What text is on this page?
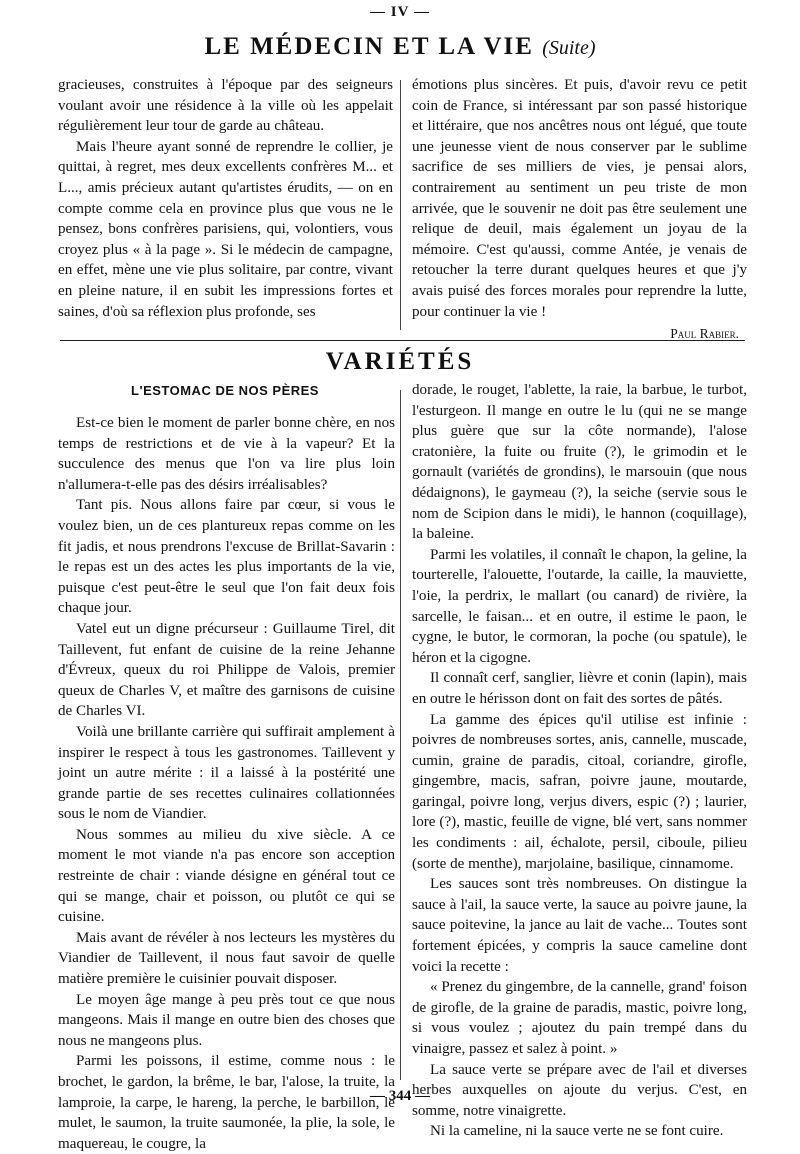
— IV —
LE MÉDECIN ET LA VIE (Suite)

gracieuses, construites à l'époque par des seigneurs voulant avoir une résidence à la ville où les appelait régulièrement leur tour de garde au château.

Mais l'heure ayant sonné de reprendre le collier, je quittai, à regret, mes deux excellents confrères M... et L..., amis précieux autant qu'artistes érudits, — on en compte comme cela en province plus que vous ne le pensez, bons confrères parisiens, qui, volontiers, vous croyez plus « à la page ». Si le médecin de campagne, en effet, mène une vie plus solitaire, par contre, vivant en pleine nature, il en subit les impressions fortes et saines, d'où sa réflexion plus profonde, ses

émotions plus sincères. Et puis, d'avoir revu ce petit coin de France, si intéressant par son passé historique et littéraire, que nos ancêtres nous ont légué, que toute une jeunesse vient de nous conserver par le sublime sacrifice de ses milliers de vies, je pensai alors, contrairement au sentiment un peu triste de mon arrivée, que le souvenir ne doit pas être seulement une relique de deuil, mais également un joyau de la mémoire. C'est qu'aussi, comme Antée, je venais de retoucher la terre durant quelques heures et que j'y avais puisé des forces morales pour reprendre la lutte, pour continuer la vie !

Paul Rabier.
VARIÉTÉS
L'ESTOMAC DE NOS PÈRES

Est-ce bien le moment de parler bonne chère, en nos temps de restrictions et de vie à la vapeur? Et la succulence des menus que l'on va lire plus loin n'allumera-t-elle pas des désirs irréalisables?

Tant pis. Nous allons faire par cœur, si vous le voulez bien, un de ces plantureux repas comme on les fit jadis, et nous prendrons l'excuse de Brillat-Savarin : le repas est un des actes les plus importants de la vie, puisque c'est peut-être le seul que l'on fait deux fois chaque jour.

Vatel eut un digne précurseur : Guillaume Tirel, dit Taillevent, fut enfant de cuisine de la reine Jehanne d'Évreux, queux du roi Philippe de Valois, premier queux de Charles V, et maître des garnisons de cuisine de Charles VI.

Voilà une brillante carrière qui suffirait amplement à inspirer le respect à tous les gastronomes. Taillevent y joint un autre mérite : il a laissé à la postérité une grande partie de ses recettes culinaires collationnées sous le nom de Viandier.

Nous sommes au milieu du xive siècle. A ce moment le mot viande n'a pas encore son acception restreinte de chair : viande désigne en général tout ce qui se mange, chair et poisson, ou plutôt ce qui se cuisine.

Mais avant de révéler à nos lecteurs les mystères du Viandier de Taillevent, il nous faut savoir de quelle matière première le cuisinier pouvait disposer.

Le moyen âge mange à peu près tout ce que nous mangeons. Mais il mange en outre bien des choses que nous ne mangeons plus.

Parmi les poissons, il estime, comme nous : le brochet, le gardon, la brême, le bar, l'alose, la truite, la lamproie, la carpe, le hareng, la perche, le barbillon, le mulet, le saumon, la truite saumonée, la plie, la sole, le maquereau, le cougre, la

dorade, le rouget, l'ablette, la raie, la barbue, le turbot, l'esturgeon. Il mange en outre le lu (qui ne se mange plus guère que sur la côte normande), l'alose cratonière, la fuite ou fruite (?), le grimodin et le gornault (variétés de grondins), le marsouin (que nous dédaignons), le gaymeau (?), la seiche (servie sous le nom de Scipion dans le midi), le hannon (coquillage), la baleine.

Parmi les volatiles, il connaît le chapon, la geline, la tourterelle, l'alouette, l'outarde, la caille, la mauviette, l'oie, la perdrix, le mallart (ou canard) de rivière, la sarcelle, le faisan... et en outre, il estime le paon, le cygne, le butor, le cormoran, la poche (ou spatule), le héron et la cigogne.

Il connaît cerf, sanglier, lièvre et conin (lapin), mais en outre le hérisson dont on fait des sortes de pâtés.

La gamme des épices qu'il utilise est infinie : poivres de nombreuses sortes, anis, cannelle, muscade, cumin, graine de paradis, citoal, coriandre, girofle, gingembre, macis, safran, poivre jaune, moutarde, garingal, poivre long, verjus divers, espic (?) ; laurier, lore (?), mastic, feuille de vigne, blé vert, sans nommer les condiments : ail, échalote, persil, ciboule, pilieu (sorte de menthe), marjolaine, basilique, cinnamome.

Les sauces sont très nombreuses. On distingue la sauce à l'ail, la sauce verte, la sauce au poivre jaune, la sauce poitevine, la jance au lait de vache... Toutes sont fortement épicées, y compris la sauce cameline dont voici la recette :

« Prenez du gingembre, de la cannelle, grand' foison de girofle, de la graine de paradis, mastic, poivre long, si vous voulez ; ajoutez du pain trempé dans du vinaigre, passez et salez à point. »

La sauce verte se prépare avec de l'ail et diverses herbes auxquelles on ajoute du verjus. C'est, en somme, notre vinaigrette.

Ni la cameline, ni la sauce verte ne se font cuire.

— 344 —
